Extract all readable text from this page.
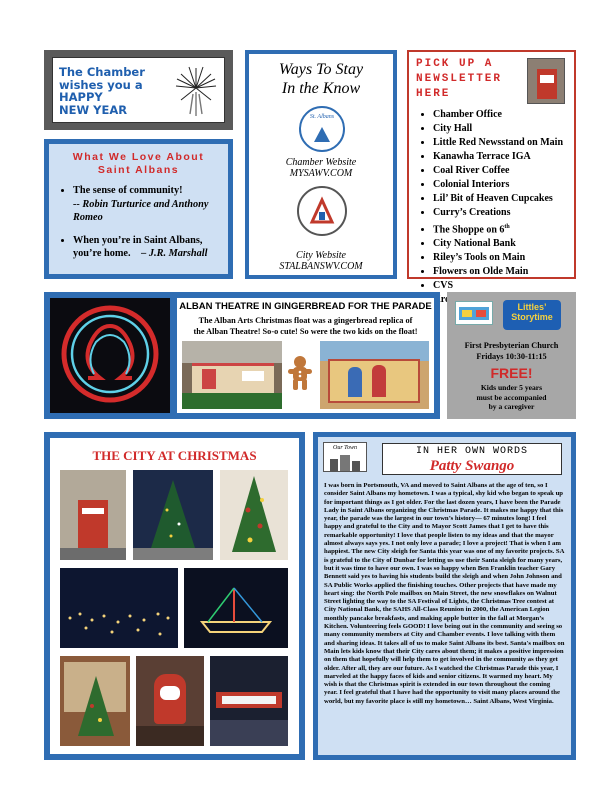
The Chamber
wishes you a
HAPPY
NEW YEAR
What We Love About
Saint Albans
• The sense of community!
-- Robin Turturice and Anthony
Romeo
• When you’re in Saint Albans,
you’re home. – J.R. Marshall
Ways To Stay
In the Know
St. Albans
Chamber Website
MYSAWV.COM
City Website
STALBANSWV.COM
PICK UP A
NEWSLETTER
HERE
• Chamber Office
• City Hall
• Little Red Newsstand on Main
• Kanawha Terrace IGA
• Coal River Coffee
• Colonial Interiors
• Lil’ Bit of Heaven Cupcakes
• Curry’s Creations
• The Shoppe on 6th
• City National Bank
• Riley’s Tools on Main
• Flowers on Olde Main
• CVS
•
ALBAN THEATRE IN GINGERBREAD FOR THE PARADE
The Alban Arts Christmas float was a gingerbread replica of
the Alban Theatre! So-o cute! So were the two kids on the float!
Littles’
Storytime
First Presbyterian Church
Fridays 10:30-11:15
FREE!
Kids under 5 years
must be accompanied
by a caregiver
THE CITY AT CHRISTMAS	Our Town	IN HER OWN WORDS
Patty Swango
I was born in Portsmouth, VA and moved to Saint Albans at the age of ten, so I consider Saint Albans my hometown. I was a typical, shy kid who began to speak up for important things as I got older. For the last dozen years, I have been the Parade Lady in Saint Albans organizing the Christmas Parade. It makes me happy that this year, the parade was the largest in our town’s history— 67 minutes long! I feel happy and grateful to the City and to Mayor Scott James that I get to have this remarkable opportunity! I love that people listen to my ideas and that the mayor almost always says yes. I not only love a parade; I love a project! That is when I am happiest. The new City sleigh for Santa this year was one of my favorite projects. SA is grateful to the City of Dunbar for letting us use their Santa sleigh for many years, but it was time to have our own. I was so happy when Ben Franklin teacher Gary Bennett said yes to having his students build the sleigh and when John Johnson and SA Public Works applied the finishing touches. Other projects that have made my heart sing: the North Pole mailbox on Main Street, the new snowflakes on Walnut Street lighting the way to the SA Festival of Lights, the Christmas Tree contest at City National Bank, the SAHS All-Class Reunion in 2000, the American Legion monthly pancake breakfasts, and making apple butter in the fall at Morgan’s Kitchen. Volunteering feels GOOD! I love being out in the community and seeing so many community members at City and Chamber events. I love talking with them and sharing ideas. It takes all of us to make Saint Albans its best. Santa's mailbox on Main lets kids know that their City cares about them; it makes a positive impression on them that hopefully will help them to get involved in the community as they get older. After all, they are our future. As I watched the Christmas Parade this year, I marveled at the happy faces of kids and senior citizens. It warmed my heart. My wish is that the Christmas spirit is extended in our town throughout the coming year. I feel grateful that I have had the opportunity to visit many places around the world, but my favorite place is still my hometown… Saint Albans, West Virginia.
